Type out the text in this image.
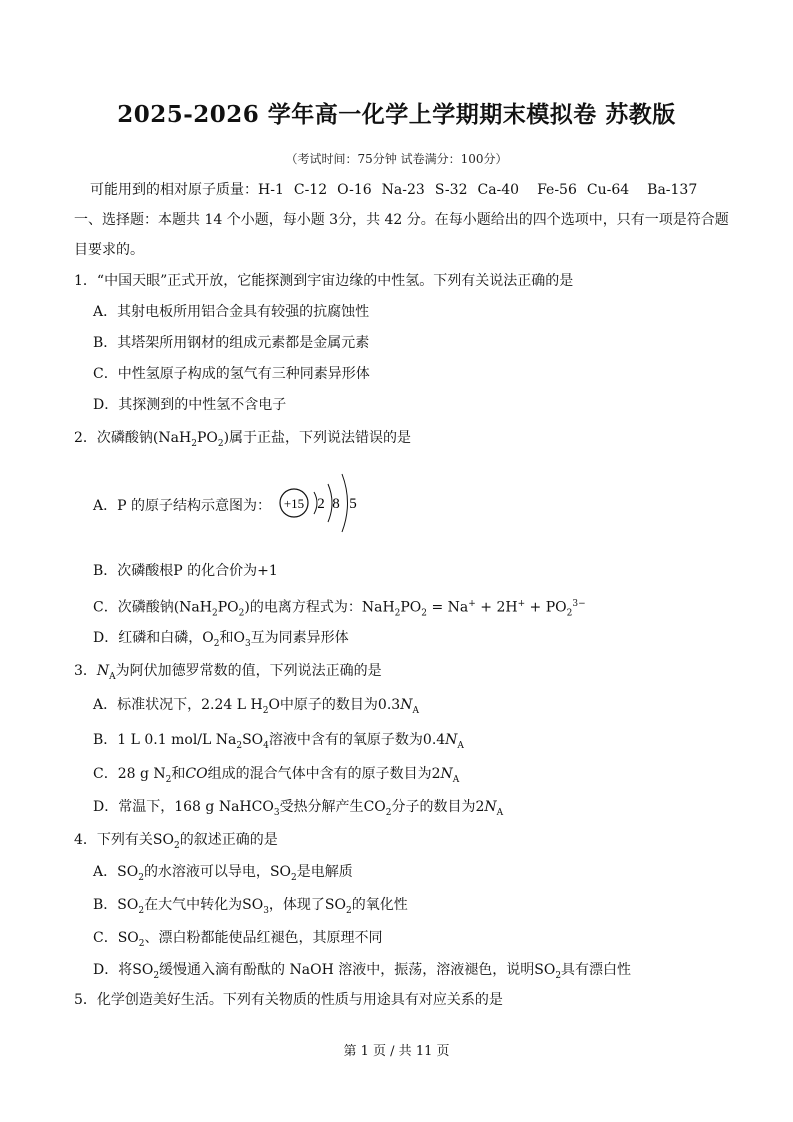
2025-2026 学年高一化学上学期期末模拟卷 苏教版
（考试时间：75分钟 试卷满分：100分）
可能用到的相对原子质量：H-1 C-12 O-16 Na-23 S-32 Ca-40 Fe-56 Cu-64 Ba-137
一、选择题：本题共 14 个小题，每小题 3分，共 42 分。在每小题给出的四个选项中，只有一项是符合题
目要求的。
1．“中国天眼”正式开放，它能探测到宇宙边缘的中性氢。下列有关说法正确的是
A．其射电板所用铝合金具有较强的抗腐蚀性
B．其塔架所用钢材的组成元素都是金属元素
C．中性氢原子构成的氢气有三种同素异形体
D．其探测到的中性氢不含电子
2．次磷酸钠$(NaH_2PO_2)$属于正盐，下列说法错误的是
A．P 的原子结构示意图为： +15 2 8 5
B．次磷酸根P 的化合价为+1
C．次磷酸钠$(NaH_2PO_2)$的电离方程式为：$NaH_2PO_2 = Na^+ + 2H^+ + PO_2^{3-}$
D．红磷和白磷，$O_2$和$O_3$互为同素异形体
3．$N_A$为阿伏加德罗常数的值，下列说法正确的是
A．标准状况下，2.24 L $H_2O$中原子的数目为$0.3N_A$
B．1 L 0.1 mol/L $Na_2SO_4$溶液中含有的氧原子数为$0.4N_A$
C．28 g $N_2$和CO组成的混合气体中含有的原子数目为$2N_A$
D．常温下，168 g NaHCO$_3$受热分解产生$CO_2$分子的数目为$2N_A$
4．下列有关$SO_2$的叙述正确的是
A．$SO_2$的水溶液可以导电，$SO_2$是电解质
B．$SO_2$在大气中转化为$SO_3$，体现了$SO_2$的氧化性
C．$SO_2$、漂白粉都能使品红褪色，其原理不同
D．将$SO_2$缓慢通入滴有酚酞的 NaOH 溶液中，振荡，溶液褪色，说明$SO_2$具有漂白性
5．化学创造美好生活。下列有关物质的性质与用途具有对应关系的是
第 1 页 / 共 11 页
